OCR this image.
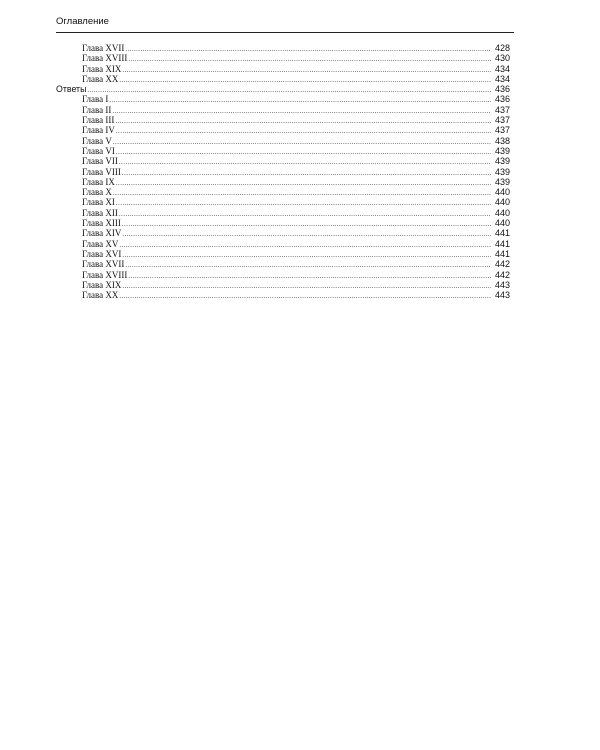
Оглавление
Глава XVII .....	428
Глава XVIII .....	430
Глава XIX .....	434
Глава XX .....	434
Ответы .....	436
Глава I .....	436
Глава II .....	437
Глава III .....	437
Глава IV .....	437
Глава V .....	438
Глава VI .....	439
Глава VII .....	439
Глава VIII .....	439
Глава IX .....	439
Глава X .....	440
Глава XI .....	440
Глава XII .....	440
Глава XIII .....	440
Глава XIV .....	441
Глава XV .....	441
Глава XVI .....	441
Глава XVII .....	442
Глава XVIII .....	442
Глава XIX .....	443
Глава XX .....	443
